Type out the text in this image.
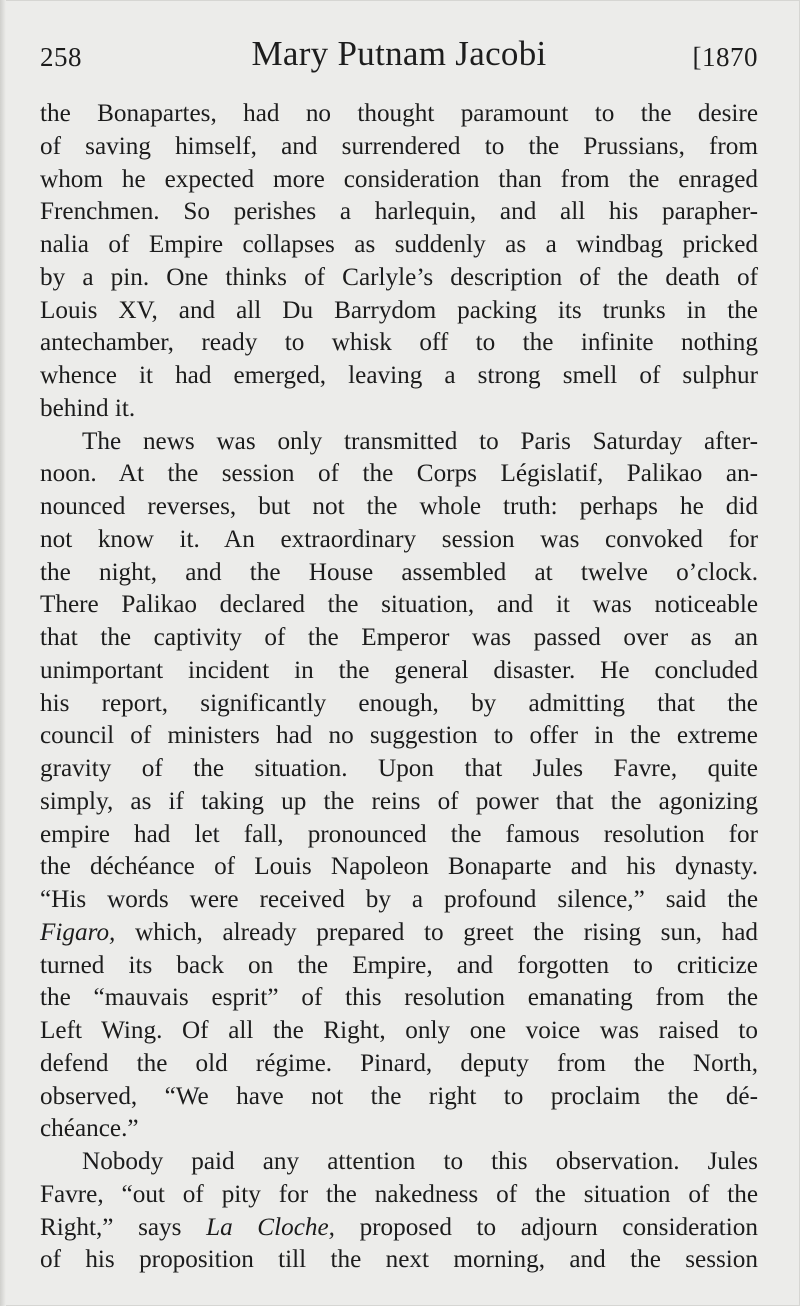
258	Mary Putnam Jacobi	[1870
the Bonapartes, had no thought paramount to the desire
of saving himself, and surrendered to the Prussians, from
whom he expected more consideration than from the enraged
Frenchmen. So perishes a harlequin, and all his parapher-
nalia of Empire collapses as suddenly as a windbag pricked
by a pin. One thinks of Carlyle’s description of the death of
Louis XV, and all Du Barrydom packing its trunks in the
antechamber, ready to whisk off to the infinite nothing
whence it had emerged, leaving a strong smell of sulphur
behind it.
The news was only transmitted to Paris Saturday after-
noon. At the session of the Corps Législatif, Palikao an-
nounced reverses, but not the whole truth: perhaps he did
not know it. An extraordinary session was convoked for
the night, and the House assembled at twelve o’clock.
There Palikao declared the situation, and it was noticeable
that the captivity of the Emperor was passed over as an
unimportant incident in the general disaster. He concluded
his report, significantly enough, by admitting that the
council of ministers had no suggestion to offer in the extreme
gravity of the situation. Upon that Jules Favre, quite
simply, as if taking up the reins of power that the agonizing
empire had let fall, pronounced the famous resolution for
the déchéance of Louis Napoleon Bonaparte and his dynasty.
“His words were received by a profound silence,” said the
Figaro, which, already prepared to greet the rising sun, had
turned its back on the Empire, and forgotten to criticize
the “mauvais esprit” of this resolution emanating from the
Left Wing. Of all the Right, only one voice was raised to
defend the old régime. Pinard, deputy from the North,
observed, “We have not the right to proclaim the dé-
chéance.”
Nobody paid any attention to this observation. Jules
Favre, “out of pity for the nakedness of the situation of the
Right,” says La Cloche, proposed to adjourn consideration
of his proposition till the next morning, and the session
